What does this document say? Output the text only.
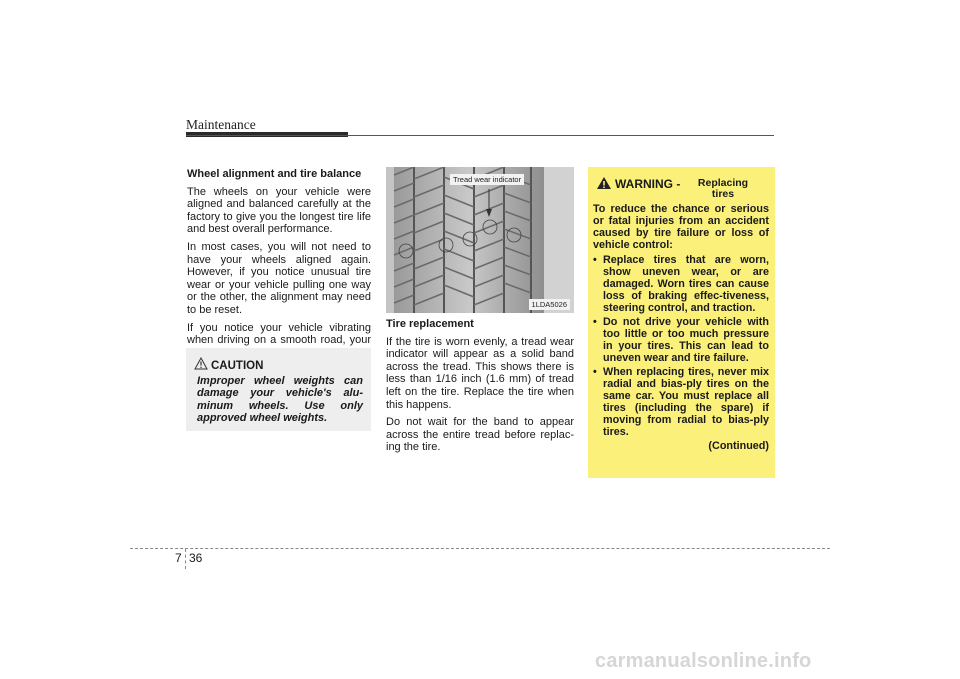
Maintenance
Wheel alignment and tire balance

The wheels on your vehicle were aligned and balanced carefully at the factory to give you the longest tire life and best overall performance.

In most cases, you will not need to have your wheels aligned again. However, if you notice unusual tire wear or your vehicle pulling one way or the other, the alignment may need to be reset.

If you notice your vehicle vibrating when driving on a smooth road, your

CAUTION
Improper wheel weights can damage your vehicle's alu-minum wheels. Use only approved wheel weights.
Tread wear indicator
1LDA5026
Tire replacement

If the tire is worn evenly, a tread wear indicator will appear as a solid band across the tread. This shows there is less than 1/16 inch (1.6 mm) of tread left on the tire. Replace the tire when this happens.

Do not wait for the band to appear across the entire tread before replac-ing the tire.

WARNING -	Replacing tires

To reduce the chance or serious or fatal injuries from an accident caused by tire failure or loss of vehicle control:

• Replace tires that are worn, show uneven wear, or are damaged. Worn tires can cause loss of braking effec-tiveness, steering control, and traction.
• Do not drive your vehicle with too little or too much pressure in your tires. This can lead to uneven wear and tire failure.
• When replacing tires, never mix radial and bias-ply tires on the same car. You must replace all tires (including the spare) if moving from radial to bias-ply tires.
(Continued)
7 36
carmanualsonline.info
